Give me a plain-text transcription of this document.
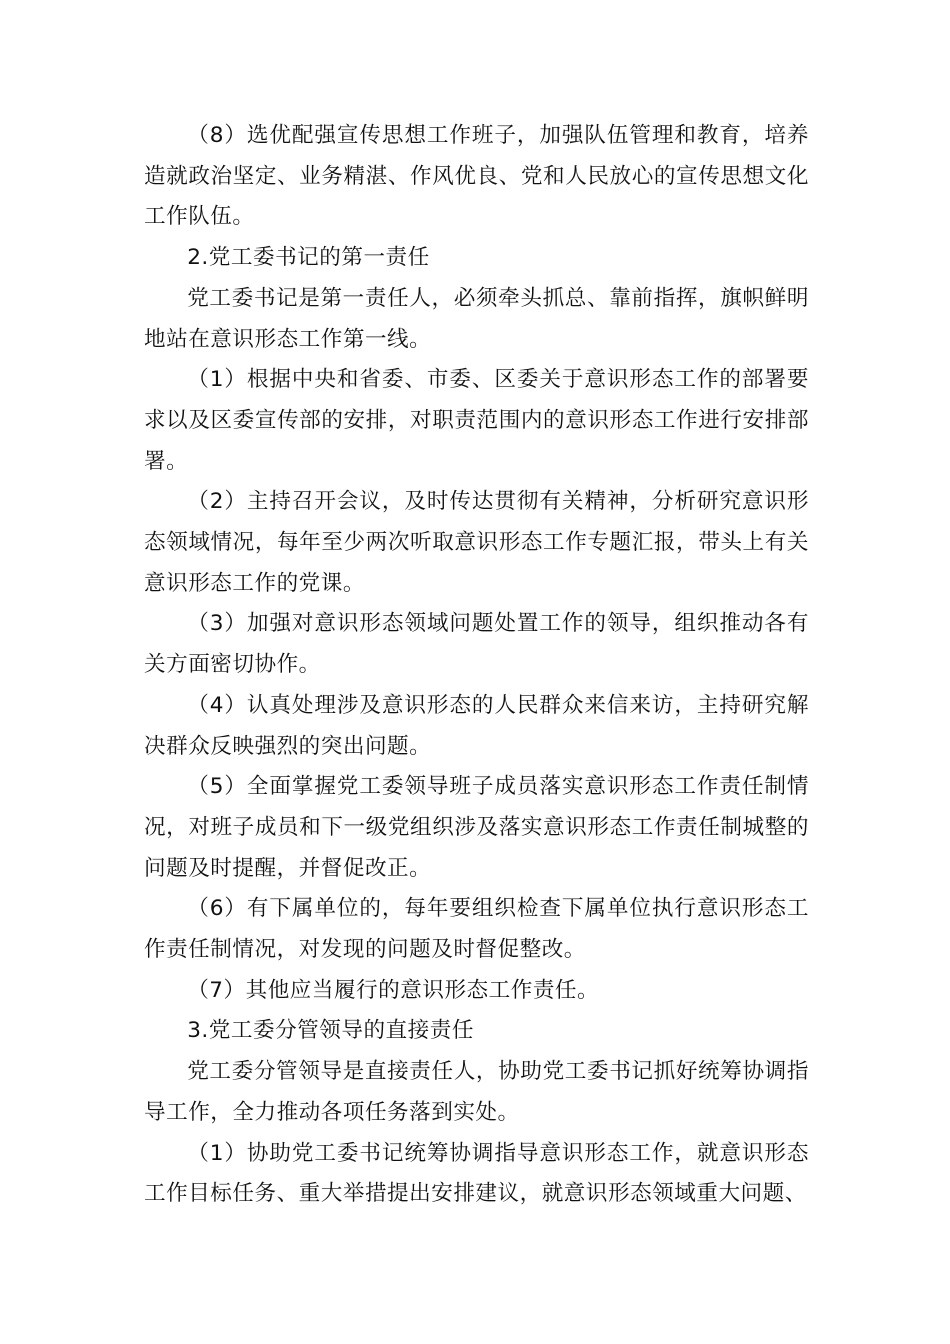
（8）选优配强宣传思想工作班子，加强队伍管理和教育，培养造就政治坚定、业务精湛、作风优良、党和人民放心的宣传思想文化工作队伍。

2.党工委书记的第一责任

党工委书记是第一责任人，必须牵头抓总、靠前指挥，旗帜鲜明地站在意识形态工作第一线。

（1）根据中央和省委、市委、区委关于意识形态工作的部署要求以及区委宣传部的安排，对职责范围内的意识形态工作进行安排部署。

（2）主持召开会议，及时传达贯彻有关精神，分析研究意识形态领域情况，每年至少两次听取意识形态工作专题汇报，带头上有关意识形态工作的党课。

（3）加强对意识形态领域问题处置工作的领导，组织推动各有关方面密切协作。

（4）认真处理涉及意识形态的人民群众来信来访，主持研究解决群众反映强烈的突出问题。

（5）全面掌握党工委领导班子成员落实意识形态工作责任制情况，对班子成员和下一级党组织涉及落实意识形态工作责任制城整的问题及时提醒，并督促改正。

（6）有下属单位的，每年要组织检查下属单位执行意识形态工作责任制情况，对发现的问题及时督促整改。

（7）其他应当履行的意识形态工作责任。

3.党工委分管领导的直接责任

党工委分管领导是直接责任人，协助党工委书记抓好统筹协调指导工作，全力推动各项任务落到实处。

（1）协助党工委书记统筹协调指导意识形态工作，就意识形态工作目标任务、重大举措提出安排建议，就意识形态领域重大问题、
